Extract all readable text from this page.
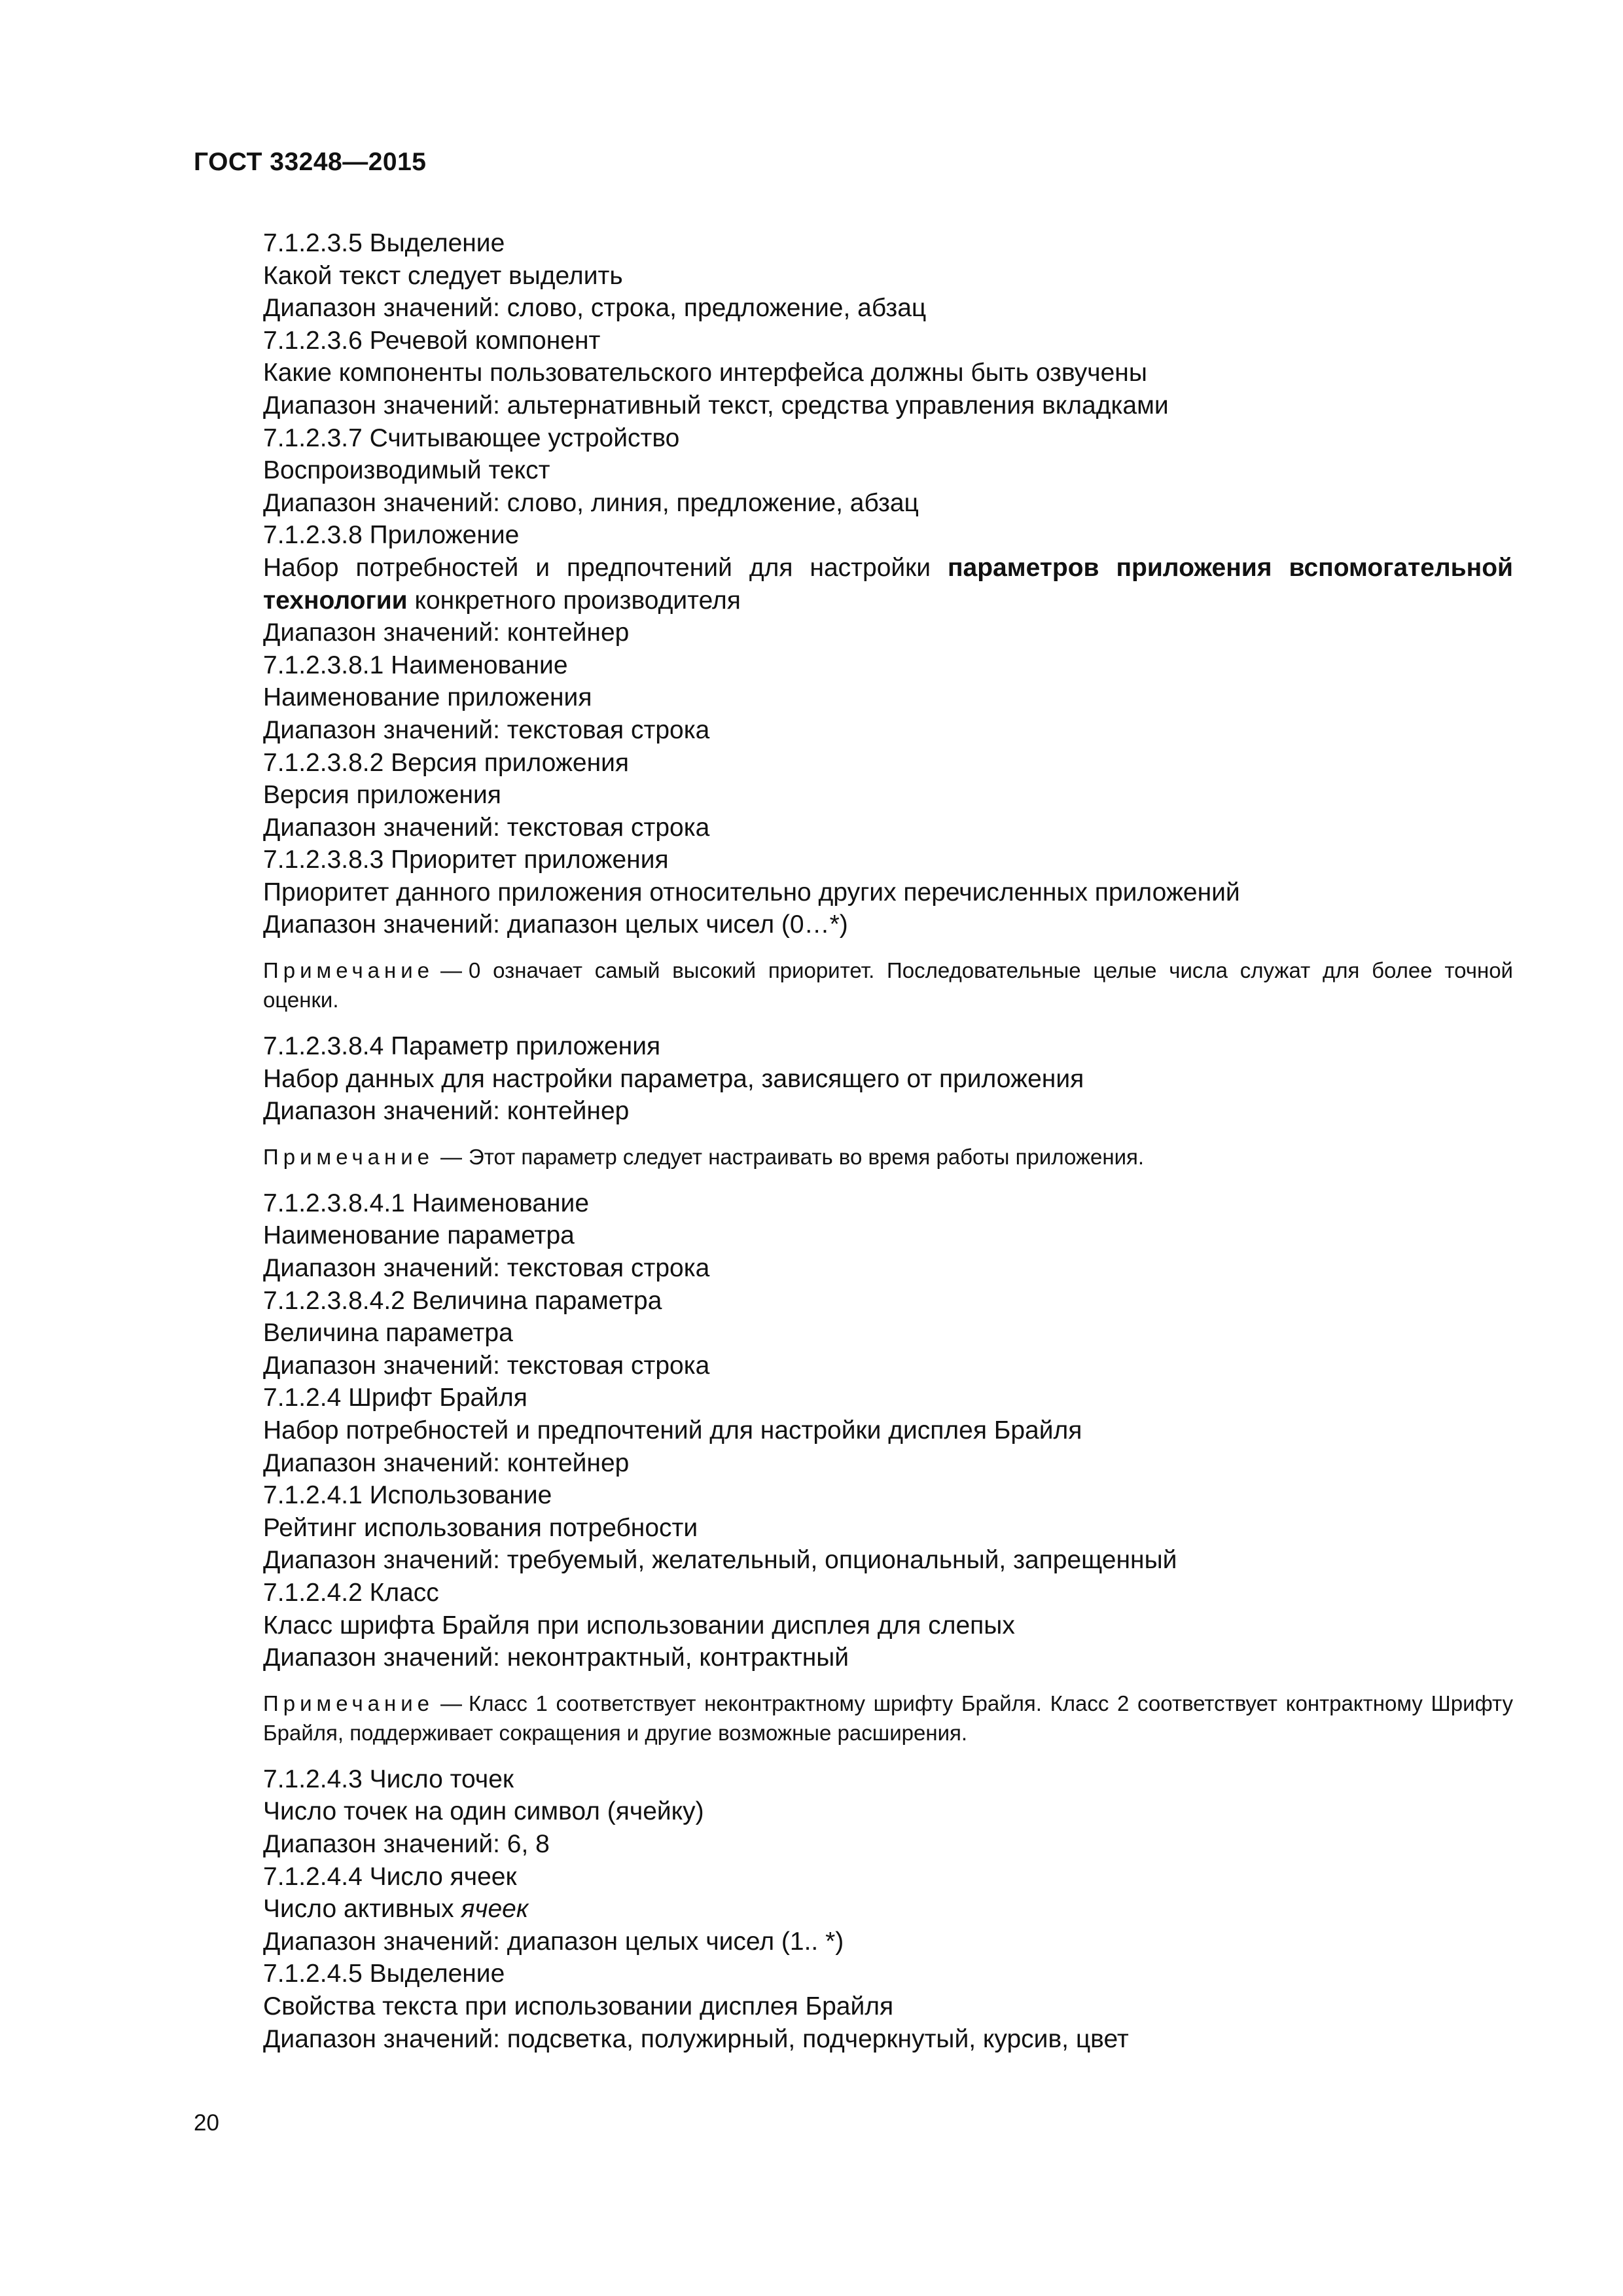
ГОСТ 33248—2015
7.1.2.3.5 Выделение
Какой текст следует выделить
Диапазон значений: слово, строка, предложение, абзац
7.1.2.3.6 Речевой компонент
Какие компоненты пользовательского интерфейса должны быть озвучены
Диапазон значений: альтернативный текст, средства управления вкладками
7.1.2.3.7 Считывающее устройство
Воспроизводимый текст
Диапазон значений: слово, линия, предложение, абзац
7.1.2.3.8 Приложение
Набор потребностей и предпочтений для настройки параметров приложения вспомогательной технологии конкретного производителя
Диапазон значений: контейнер
7.1.2.3.8.1 Наименование
Наименование приложения
Диапазон значений: текстовая строка
7.1.2.3.8.2 Версия приложения
Версия приложения
Диапазон значений: текстовая строка
7.1.2.3.8.3 Приоритет приложения
Приоритет данного приложения относительно других перечисленных приложений
Диапазон значений: диапазон целых чисел (0…*)
Примечание — 0 означает самый высокий приоритет. Последовательные целые числа служат для более точной оценки.
7.1.2.3.8.4 Параметр приложения
Набор данных для настройки параметра, зависящего от приложения
Диапазон значений: контейнер
Примечание — Этот параметр следует настраивать во время работы приложения.
7.1.2.3.8.4.1 Наименование
Наименование параметра
Диапазон значений: текстовая строка
7.1.2.3.8.4.2 Величина параметра
Величина параметра
Диапазон значений: текстовая строка
7.1.2.4 Шрифт Брайля
Набор потребностей и предпочтений для настройки дисплея Брайля
Диапазон значений: контейнер
7.1.2.4.1 Использование
Рейтинг использования потребности
Диапазон значений: требуемый, желательный, опциональный, запрещенный
7.1.2.4.2 Класс
Класс шрифта Брайля при использовании дисплея для слепых
Диапазон значений: неконтрактный, контрактный
Примечание — Класс 1 соответствует неконтрактному шрифту Брайля. Класс 2 соответствует контрактному Шрифту Брайля, поддерживает сокращения и другие возможные расширения.
7.1.2.4.3 Число точек
Число точек на один символ (ячейку)
Диапазон значений: 6, 8
7.1.2.4.4 Число ячеек
Число активных ячеек
Диапазон значений: диапазон целых чисел (1.. *)
7.1.2.4.5 Выделение
Свойства текста при использовании дисплея Брайля
Диапазон значений: подсветка, полужирный, подчеркнутый, курсив, цвет
20
